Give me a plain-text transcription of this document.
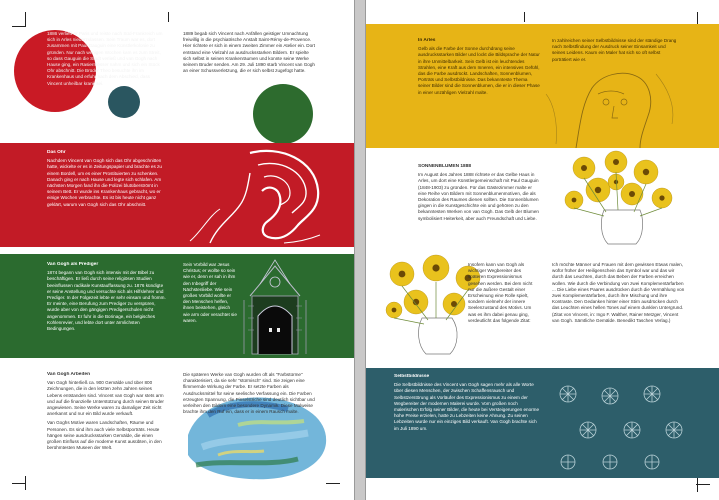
1886 verließ er Paris und reiste nach Süd-Frankreich um sich in Arles niederzulassen. Sein Traum war es, dort zusammen mit Paul Gauguin eine Künstlerkolonie zu gründen. Nur nach wenigen Wochen kam es zum Streit, so dass Gauguin die Stadt verließ und van Gogh nach Hause ging, ein Rasiermesser nahm und sich ein Stück Ohr abschnitt. Die Brüder Theo besuchte ihn im Krankenhaus und erfuhr nach dem Abschied, dass Vincent unheilbar krank sei.

1889 begab sich Vincent nach Anfällen geistiger Umnachtung freiwillig in die psychiatrische Anstalt Saint-Rémy-de-Provence. Hier richtete er sich in einem zweiten Zimmer ein Atelier ein. Dort entstand eine Vielzahl an ausdrucksstarken Bildern. Er spielte sich selbst in seinen Krankenräumen und konnte seine Werke seinem Bruder senden. Am 29. Juli 1890 starb Vincent van Gogh an einer Schussverletzung, die er sich selbst zugefügt hatte.

Das Ohr

Nachdem Vincent van Gogh sich das Ohr abgeschnitten hatte, wickelte er es in Zeitungspapier und brachte es zu einem Bordell, um es einer Prostituierten zu schenken. Danach ging er nach Hause und legte sich schlafen. Am nächsten Morgen fand ihn die Polizei blutüberströmt in seinem Bett. Er wurde ins Krankenhaus gebracht, wo er einige Wochen verbrachte. Es ist bis heute nicht ganz geklärt, warum van Gogh sich das Ohr abschnitt.

Van Gogh als Prediger

1874 begann van Gogh sich intensiv mit der Bibel zu beschäftigen. Er ließ durch seine religiösen Studien beeinflussen radikale Kunstauffassung zu. 1876 kündigte er seine Anstellung und versuchte sich als Hilfslehrer und Prediger. In der Folgezeit lebte er sehr einsam und fromm. Er meinte, eine Berufung zum Prediger zu verspüren, wurde aber von den gängigen Predigerschulen nicht angenommen. Er fuhr in die Borinage, ein belgisches Kohlenrevier, und lebte dort unter ärmlichsten Bedingungen.

Sein Vorbild war Jesus Christus; er wollte so sein wie er, denn er sah in ihm den Inbegriff der Nächstenliebe. Wie sein großes Vorbild wollte er den Menschen helfen, ihnen beistehen, gleich wie arm oder verachtet sie waren.

Van Gogh Arbeiten

Van Gogh hinterließ ca. 900 Gemälde und über 800 Zeichnungen, die in den letzten zehn Jahren seines Lebens entstanden sind. Vincent van Gogh war stets arm und auf die finanzielle Unterstützung durch seinen Bruder angewiesen. Seine Werke waren zu damaliger Zeit nicht anerkannt und nur ein Bild wurde verkauft.

Van Goghs Motive waren Landschaften, Räume und Personen. Es sind ihm auch viele Selbstporträts. Heute hängen seine ausdrucksstarken Gemälde, die einen großen Einfluss auf die moderne Kunst ausübten, in den berühmtesten Museen der Welt.

Die späteren Werke van Gogh wurden oft als "Farbstürme" charakterisiert, da sie sehr "stürmisch" sind. Sie zeigen eine flimmernde Wirkung der Farbe. Er setzte Farben als Ausdrucksmittel für seine seelische Verfassung ein. Die Farben erzeugten Spannung, die Pinselstriche sind deutlich sichtbar und verleihen den Bildern eine besondere Dynamik. Diese Malweise brachte ihm den Ruf ein, dass er in einem Rausch malte.

In Arles

Gelb als die Farbe der Sonne durchdrang seine ausdrucksstarken Bilder und lockt die Bildsprache der Natur in ihre Unmittelbarkeit. Sein Gelb ist ein leuchtendes Strahlen, eine Kraft aus dem Inneren, ein intensives Gefühl, das die Farbe ausdrückt. Landschaften, Sonnenblumen, Porträts und Selbstbildnisse. Das bekannteste Thema seiner Bilder sind die Sonnenblumen, die er in dieser Phase in einer unzähligen Vielzahl malte.

In zahlreichen seiner Selbstbildnisse sind der ständige Drang nach Selbstfindung der Ausdruck seiner Einsamkeit und seines Leidens. Kaum ein Maler hat sich so oft selbst porträtiert wie er.

SONNENBLUMEN 1888

Im August des Jahres 1888 richtete er das Gelbe Haus in Arles, um dort eine Künstlergemeinschaft mit Paul Gauguin (1848-1903) zu gründen. Für das Gästezimmer malte er eine Reihe von Bildern mit Sonnenblumenmotiven, die als Dekoration des Raumes dienen sollten. Die Sonnenblumen gingen in die Kunstgeschichte ein und gehören zu den bekanntesten Werken von van Gogh. Das Gelb der Blumen symbolisiert Heiterkeit, aber auch Freundschaft und Liebe.

Insofern kann van Gogh als wichtiger Wegbereiter des späteren Expressionismus gesehen werden. Bei dem nicht nur die äußere Gestalt einer Erscheinung eine Rolle spielt, sondern vielmehr der innere Seelenzustand des Motivs. Um was es ihm dabei genau ging, verdeutlicht das folgende Zitat:

Ich möchte Männer und Frauen mit dem gewissen Etwas malen, wofür früher der Heiligenschein das Symbol war und das wir durch das Leuchten, durch das Beben der Farben erreichen wollen. Wie durch die Verbindung von zwei Komplementärfarben ... Die Liebe eines Paares ausdrücken durch die Vermählung von zwei Komplementärfarben, durch ihre Mischung und ihre Kontraste. Den Gedanken hinter einer Stirn ausdrücken durch das Leuchten eines hellen Tones auf einem dunklen Untergrund. (Zitat von Vincent, in: Ingo F. Walther, Rainer Metzger, Vincent van Gogh. Sämtliche Gemälde. Benedikt Taschen Verlag.)

Selbstbildnisse

Die Selbstbildnisse des Vincent van Gogh sagen mehr als alle Worte über diesen Menschen, der zwischen Schaffensrausch und Selbstzerstörung als Vorläufer des Expressionismus zu einem der Wegbereiter der modernen Malerei wurde. Vom großen noch malerischen Erfolg seiner Bilder, die heute bei Versteigerungen enorme hohe Preise erzielen, hatte zu Lebzeiten keine Ahnung. Zu seinen Lebzeiten wurde nur ein einziges Bild verkauft. Van Gogh brachte sich im Juli 1890 um.
